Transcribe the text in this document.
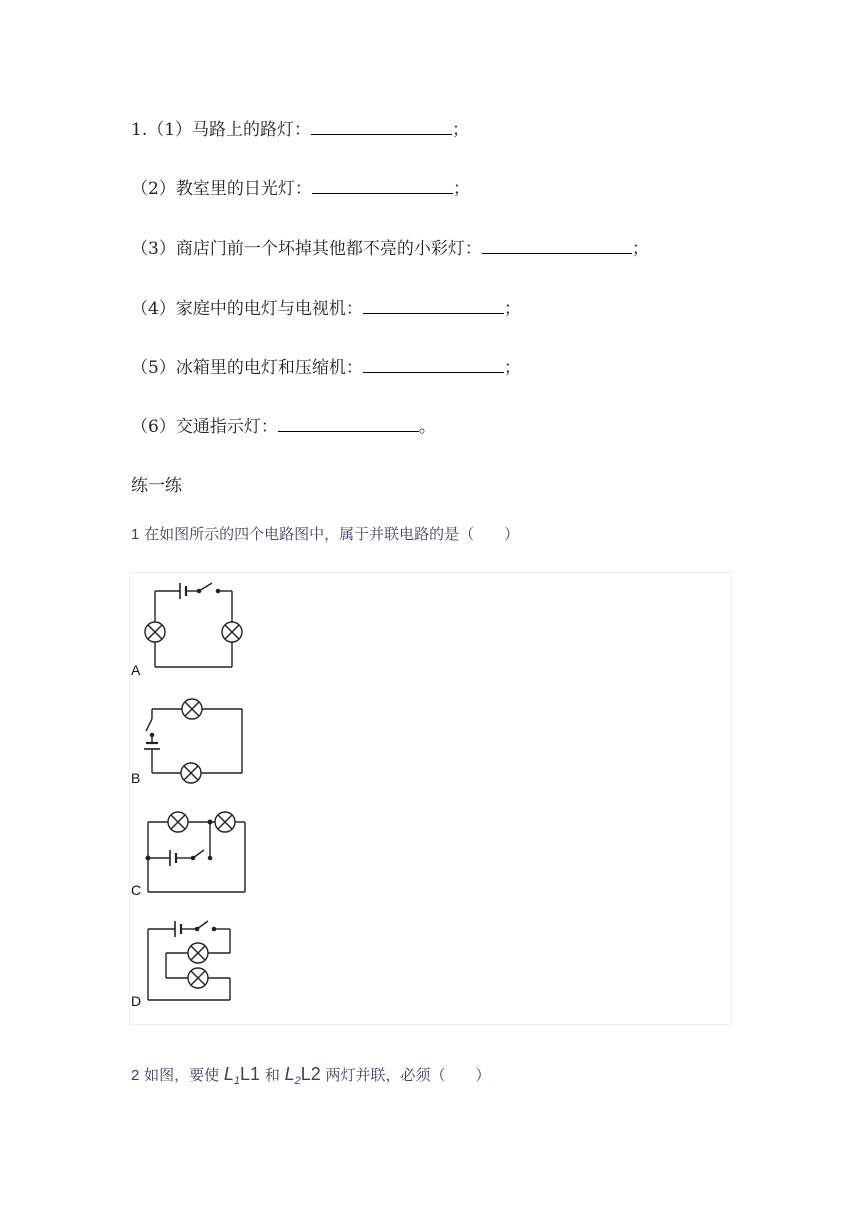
1.（1）马路上的路灯：	；
（2）教室里的日光灯：	；
（3）商店门前一个坏掉其他都不亮的小彩灯：	；
（4）家庭中的电灯与电视机：	；
（5）冰箱里的电灯和压缩机：	；
（6）交通指示灯：	。
练一练
1 在如图所示的四个电路图中，属于并联电路的是（　　）
A
B
C
D
2 如图，要使 $L_1L1$ 和 $L_2L2$ 两灯并联，必须（　　）
